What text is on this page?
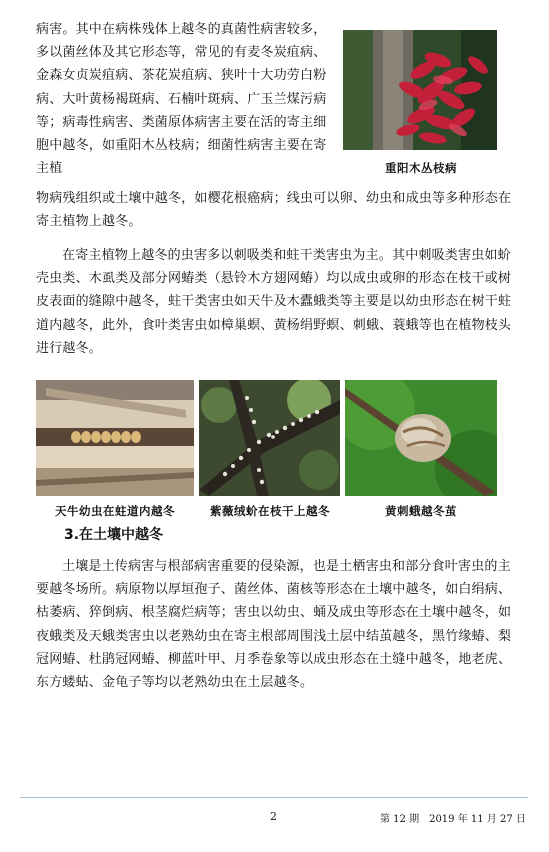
病害。其中在病株残体上越冬的真菌性病害较多，多以菌丝体及其它形态等，常见的有麦冬炭疽病、金森女贞炭疽病、茶花炭疽病、狭叶十大功劳白粉病、大叶黄杨褐斑病、石楠叶斑病、广玉兰煤污病等；病毒性病害、类菌原体病害主要在活的寄主细胞中越冬，如重阳木丛枝病；细菌性病害主要在寄主植	重阳木丛枝病
物病残组织或土壤中越冬，如樱花根癌病；线虫可以卵、幼虫和成虫等多种形态在寄主植物上越冬。
在寄主植物上越冬的虫害多以刺吸类和蛀干类害虫为主。其中刺吸类害虫如蚧壳虫类、木虱类及部分网蝽类（悬铃木方翅网蝽）均以成虫或卵的形态在枝干或树皮表面的缝隙中越冬，蛀干类害虫如天牛及木蠹蛾类等主要是以幼虫形态在树干蛀道内越冬，此外，食叶类害虫如樟巢螟、黄杨绢野螟、刺蛾、蓑蛾等也在植物枝头进行越冬。
天牛幼虫在蛀道内越冬	紫薇绒蚧在枝干上越冬	黄刺蛾越冬茧
3.在土壤中越冬
土壤是土传病害与根部病害重要的侵染源，也是土栖害虫和部分食叶害虫的主要越冬场所。病原物以厚垣孢子、菌丝体、菌核等形态在土壤中越冬，如白绢病、枯萎病、猝倒病、根茎腐烂病等；害虫以幼虫、蛹及成虫等形态在土壤中越冬，如夜蛾类及天蛾类害虫以老熟幼虫在寄主根部周围浅土层中结茧越冬，黑竹缘蝽、梨冠网蝽、杜鹃冠网蝽、柳蓝叶甲、月季卷象等以成虫形态在土缝中越冬，地老虎、东方蝼蛄、金龟子等均以老熟幼虫在土层越冬。
2	第 12 期　2019 年 11 月 27 日
